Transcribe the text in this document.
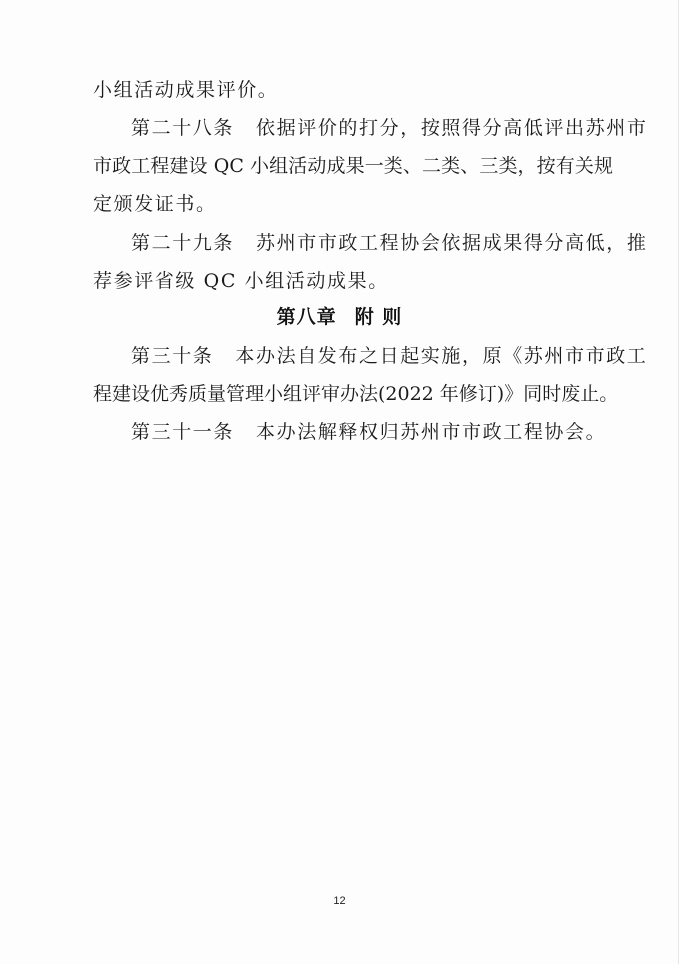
小组活动成果评价。
第二十八条 依据评价的打分，按照得分高低评出苏州市
市政工程建设 QC 小组活动成果一类、二类、三类，按有关规
定颁发证书。
第二十九条 苏州市市政工程协会依据成果得分高低，推
荐参评省级 QC 小组活动成果。
第八章 附 则
第三十条 本办法自发布之日起实施，原《苏州市市政工
程建设优秀质量管理小组评审办法(2022 年修订)》同时废止。
第三十一条 本办法解释权归苏州市市政工程协会。
12
